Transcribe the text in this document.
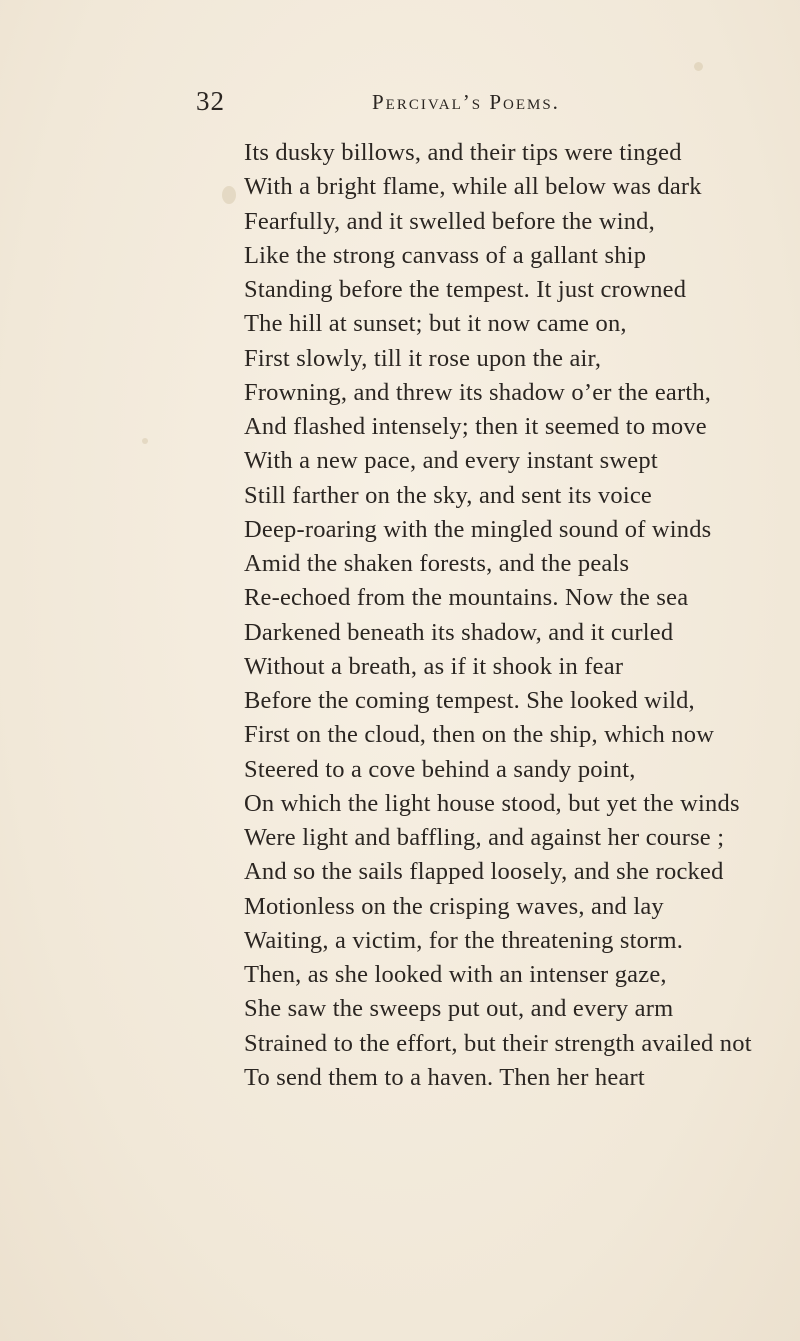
32	Percival’s Poems.
Its dusky billows, and their tips were tinged
With a bright flame, while all below was dark
Fearfully, and it swelled before the wind,
Like the strong canvass of a gallant ship
Standing before the tempest. It just crowned
The hill at sunset; but it now came on,
First slowly, till it rose upon the air,
Frowning, and threw its shadow o’er the earth,
And flashed intensely; then it seemed to move
With a new pace, and every instant swept
Still farther on the sky, and sent its voice
Deep-roaring with the mingled sound of winds
Amid the shaken forests, and the peals
Re-echoed from the mountains. Now the sea
Darkened beneath its shadow, and it curled
Without a breath, as if it shook in fear
Before the coming tempest. She looked wild,
First on the cloud, then on the ship, which now
Steered to a cove behind a sandy point,
On which the light house stood, but yet the winds
Were light and baffling, and against her course ;
And so the sails flapped loosely, and she rocked
Motionless on the crisping waves, and lay
Waiting, a victim, for the threatening storm.
Then, as she looked with an intenser gaze,
She saw the sweeps put out, and every arm
Strained to the effort, but their strength availed not
To send them to a haven. Then her heart
